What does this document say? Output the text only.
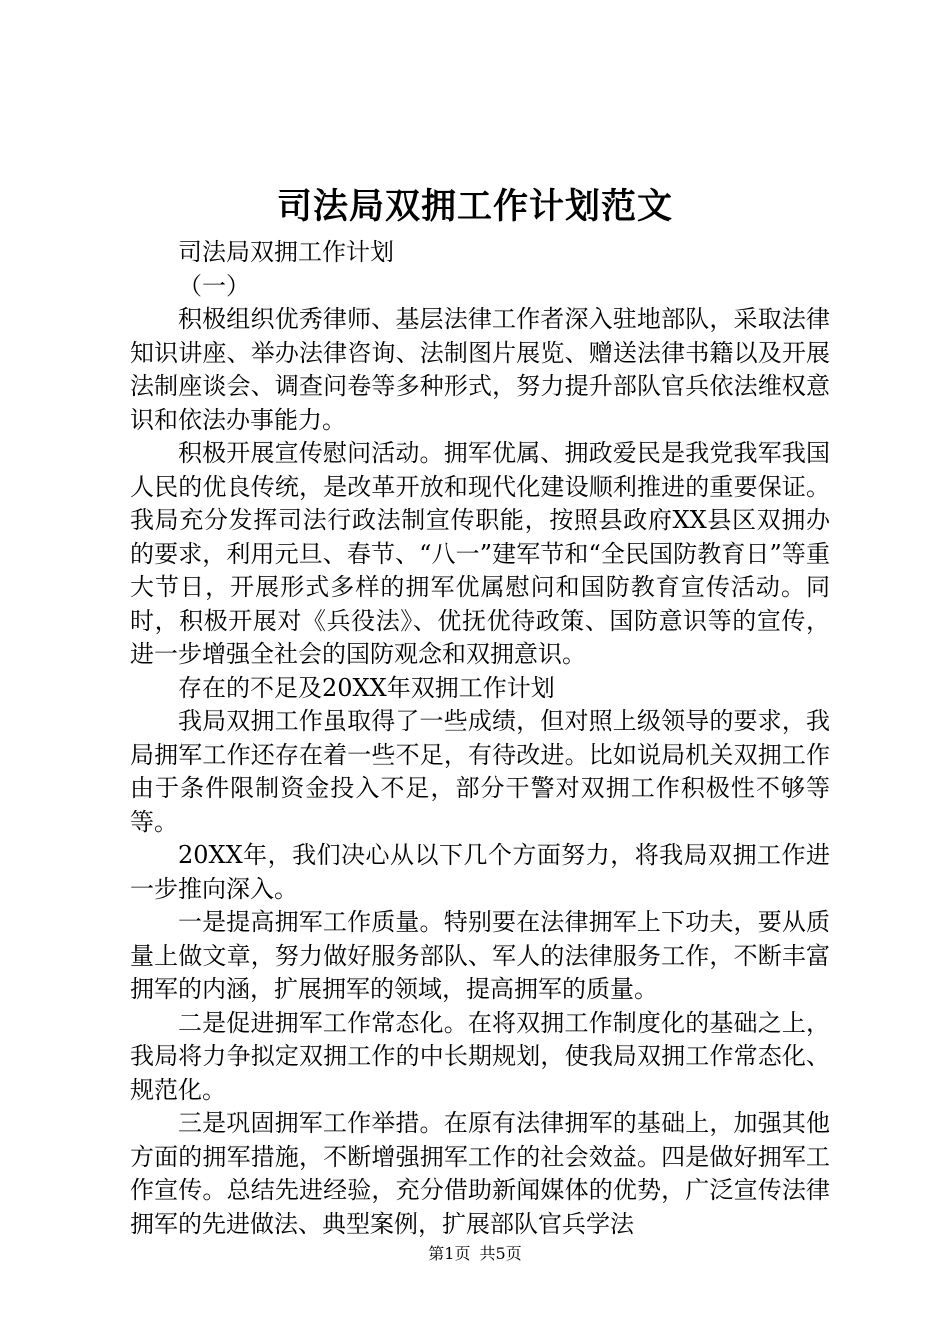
司法局双拥工作计划范文

司法局双拥工作计划

（一）

积极组织优秀律师、基层法律工作者深入驻地部队，采取法律知识讲座、举办法律咨询、法制图片展览、赠送法律书籍以及开展法制座谈会、调查问卷等多种形式，努力提升部队官兵依法维权意识和依法办事能力。

积极开展宣传慰问活动。拥军优属、拥政爱民是我党我军我国人民的优良传统，是改革开放和现代化建设顺利推进的重要保证。我局充分发挥司法行政法制宣传职能，按照县政府XX县区双拥办的要求，利用元旦、春节、“八一”建军节和“全民国防教育日”等重大节日，开展形式多样的拥军优属慰问和国防教育宣传活动。同时，积极开展对《兵役法》、优抚优待政策、国防意识等的宣传，进一步增强全社会的国防观念和双拥意识。

存在的不足及20XX年双拥工作计划

我局双拥工作虽取得了一些成绩，但对照上级领导的要求，我局拥军工作还存在着一些不足，有待改进。比如说局机关双拥工作由于条件限制资金投入不足，部分干警对双拥工作积极性不够等等。

20XX年，我们决心从以下几个方面努力，将我局双拥工作进一步推向深入。

一是提高拥军工作质量。特别要在法律拥军上下功夫，要从质量上做文章，努力做好服务部队、军人的法律服务工作，不断丰富拥军的内涵，扩展拥军的领域，提高拥军的质量。

二是促进拥军工作常态化。在将双拥工作制度化的基础之上，我局将力争拟定双拥工作的中长期规划，使我局双拥工作常态化、规范化。

三是巩固拥军工作举措。在原有法律拥军的基础上，加强其他方面的拥军措施，不断增强拥军工作的社会效益。四是做好拥军工作宣传。总结先进经验，充分借助新闻媒体的优势，广泛宣传法律拥军的先进做法、典型案例，扩展部队官兵学法

第1页 共5页
